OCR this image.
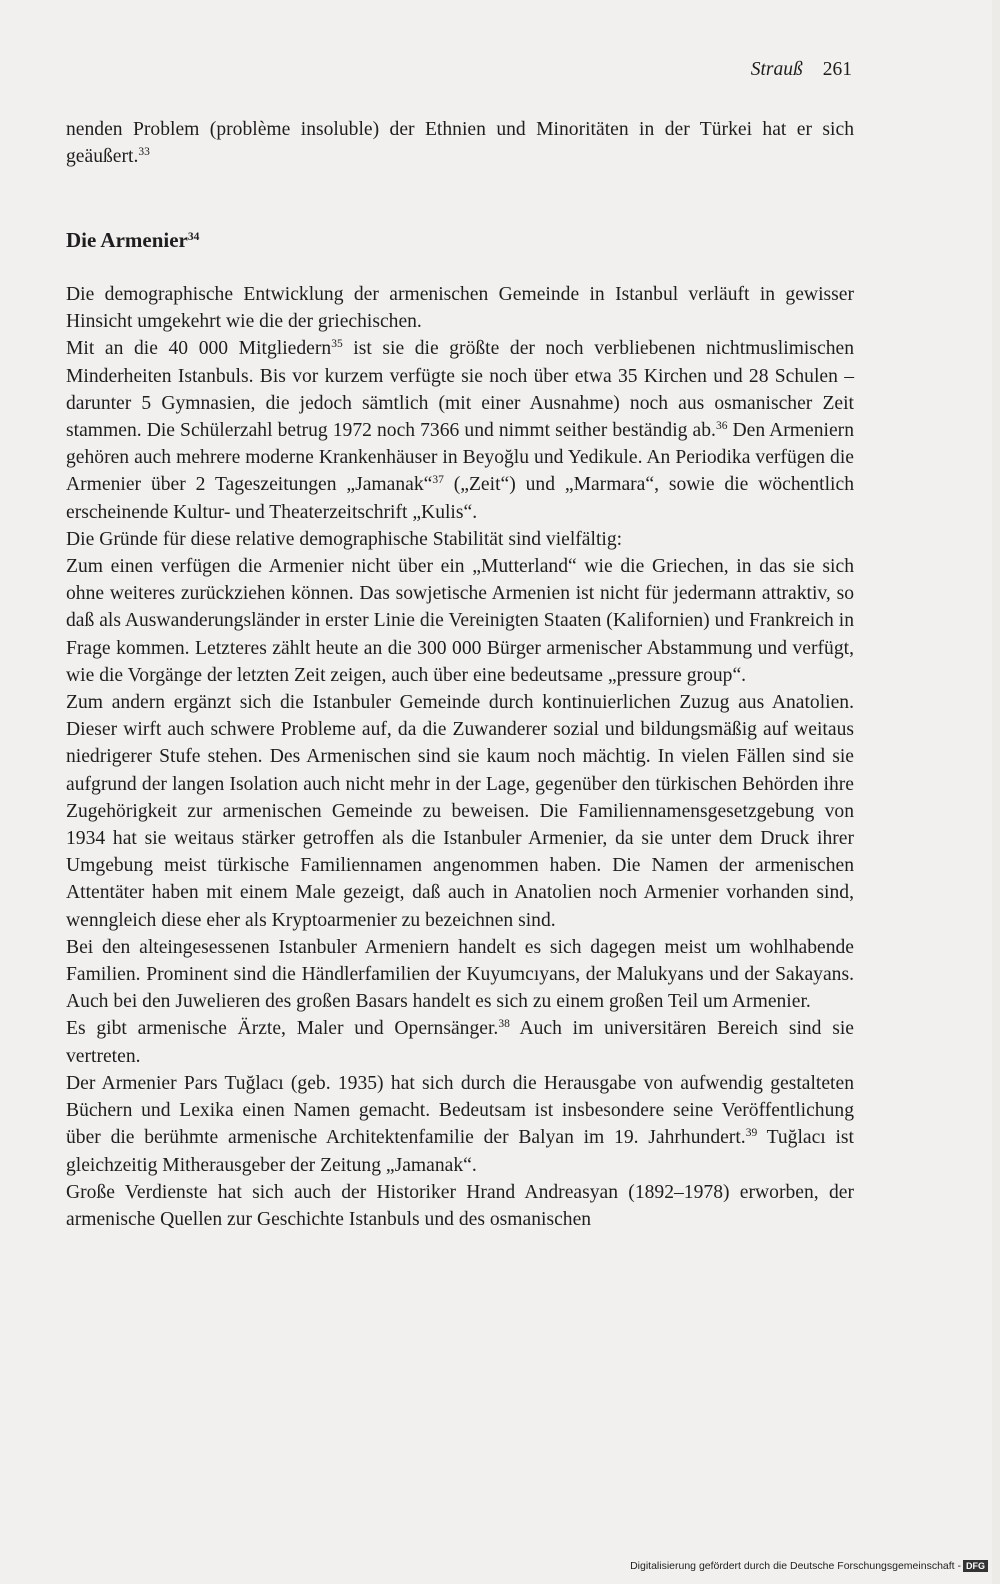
Strauß 261

nenden Problem (problème insoluble) der Ethnien und Minoritäten in der Türkei hat er sich geäußert.$^{33}$

Die Armenier$^{34}$

Die demographische Entwicklung der armenischen Gemeinde in Istanbul verläuft in gewisser Hinsicht umgekehrt wie die der griechischen.

Mit an die 40 000 Mitgliedern$^{35}$ ist sie die größte der noch verbliebenen nichtmuslimischen Minderheiten Istanbuls. Bis vor kurzem verfügte sie noch über etwa 35 Kirchen und 28 Schulen – darunter 5 Gymnasien, die jedoch sämtlich (mit einer Ausnahme) noch aus osmanischer Zeit stammen. Die Schülerzahl betrug 1972 noch 7366 und nimmt seither beständig ab.$^{36}$ Den Armeniern gehören auch mehrere moderne Krankenhäuser in Beyoğlu und Yedikule. An Periodika verfügen die Armenier über 2 Tageszeitungen „Jamanak“$^{37}$ („Zeit“) und „Marmara“, sowie die wöchentlich erscheinende Kultur- und Theaterzeitschrift „Kulis“.

Die Gründe für diese relative demographische Stabilität sind vielfältig:

Zum einen verfügen die Armenier nicht über ein „Mutterland“ wie die Griechen, in das sie sich ohne weiteres zurückziehen können. Das sowjetische Armenien ist nicht für jedermann attraktiv, so daß als Auswanderungsländer in erster Linie die Vereinigten Staaten (Kalifornien) und Frankreich in Frage kommen. Letzteres zählt heute an die 300 000 Bürger armenischer Abstammung und verfügt, wie die Vorgänge der letzten Zeit zeigen, auch über eine bedeutsame „pressure group“.

Zum andern ergänzt sich die Istanbuler Gemeinde durch kontinuierlichen Zuzug aus Anatolien. Dieser wirft auch schwere Probleme auf, da die Zuwanderer sozial und bildungsmäßig auf weitaus niedrigerer Stufe stehen. Des Armenischen sind sie kaum noch mächtig. In vielen Fällen sind sie aufgrund der langen Isolation auch nicht mehr in der Lage, gegenüber den türkischen Behörden ihre Zugehörigkeit zur armenischen Gemeinde zu beweisen. Die Familiennamensgesetzgebung von 1934 hat sie weitaus stärker getroffen als die Istanbuler Armenier, da sie unter dem Druck ihrer Umgebung meist türkische Familiennamen angenommen haben. Die Namen der armenischen Attentäter haben mit einem Male gezeigt, daß auch in Anatolien noch Armenier vorhanden sind, wenngleich diese eher als Kryptoarmenier zu bezeichnen sind.

Bei den alteingesessenen Istanbuler Armeniern handelt es sich dagegen meist um wohlhabende Familien. Prominent sind die Händlerfamilien der Kuyumcıyans, der Malukyans und der Sakayans. Auch bei den Juwelieren des großen Basars handelt es sich zu einem großen Teil um Armenier.

Es gibt armenische Ärzte, Maler und Opernsänger.$^{38}$ Auch im universitären Bereich sind sie vertreten.

Der Armenier Pars Tuğlacı (geb. 1935) hat sich durch die Herausgabe von aufwendig gestalteten Büchern und Lexika einen Namen gemacht. Bedeutsam ist insbesondere seine Veröffentlichung über die berühmte armenische Architektenfamilie der Balyan im 19. Jahrhundert.$^{39}$ Tuğlacı ist gleichzeitig Mitherausgeber der Zeitung „Jamanak“.

Große Verdienste hat sich auch der Historiker Hrand Andreasyan (1892–1978) erworben, der armenische Quellen zur Geschichte Istanbuls und des osmanischen

Digitalisierung gefördert durch die Deutsche Forschungsgemeinschaft - DFG
